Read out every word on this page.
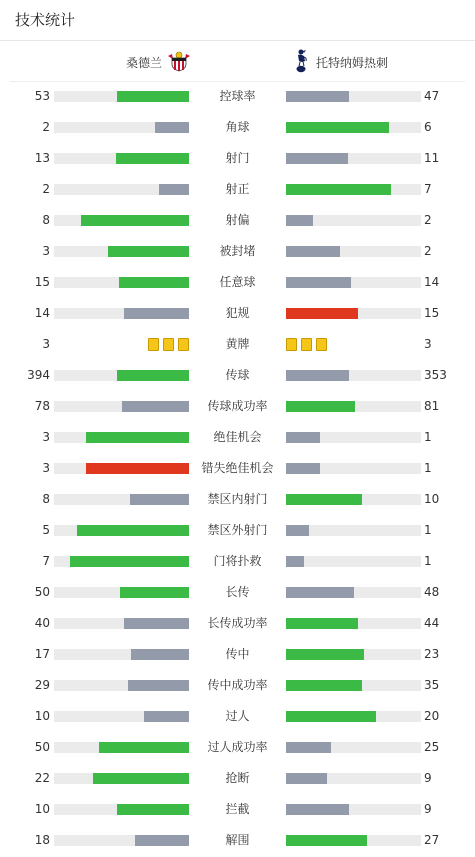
技术统计
桑德兰	托特纳姆热刺
53	控球率	47
2	角球	6
13	射门	11
2	射正	7
8	射偏	2
3	被封堵	2
15	任意球	14
14	犯规	15
3	黄牌	3
394	传球	353
78	传球成功率	81
3	绝佳机会	1
3	错失绝佳机会	1
8	禁区内射门	10
5	禁区外射门	1
7	门将扑救	1
50	长传	48
40	长传成功率	44
17	传中	23
29	传中成功率	35
10	过人	20
50	过人成功率	25
22	抢断	9
10	拦截	9
18	解围	27
